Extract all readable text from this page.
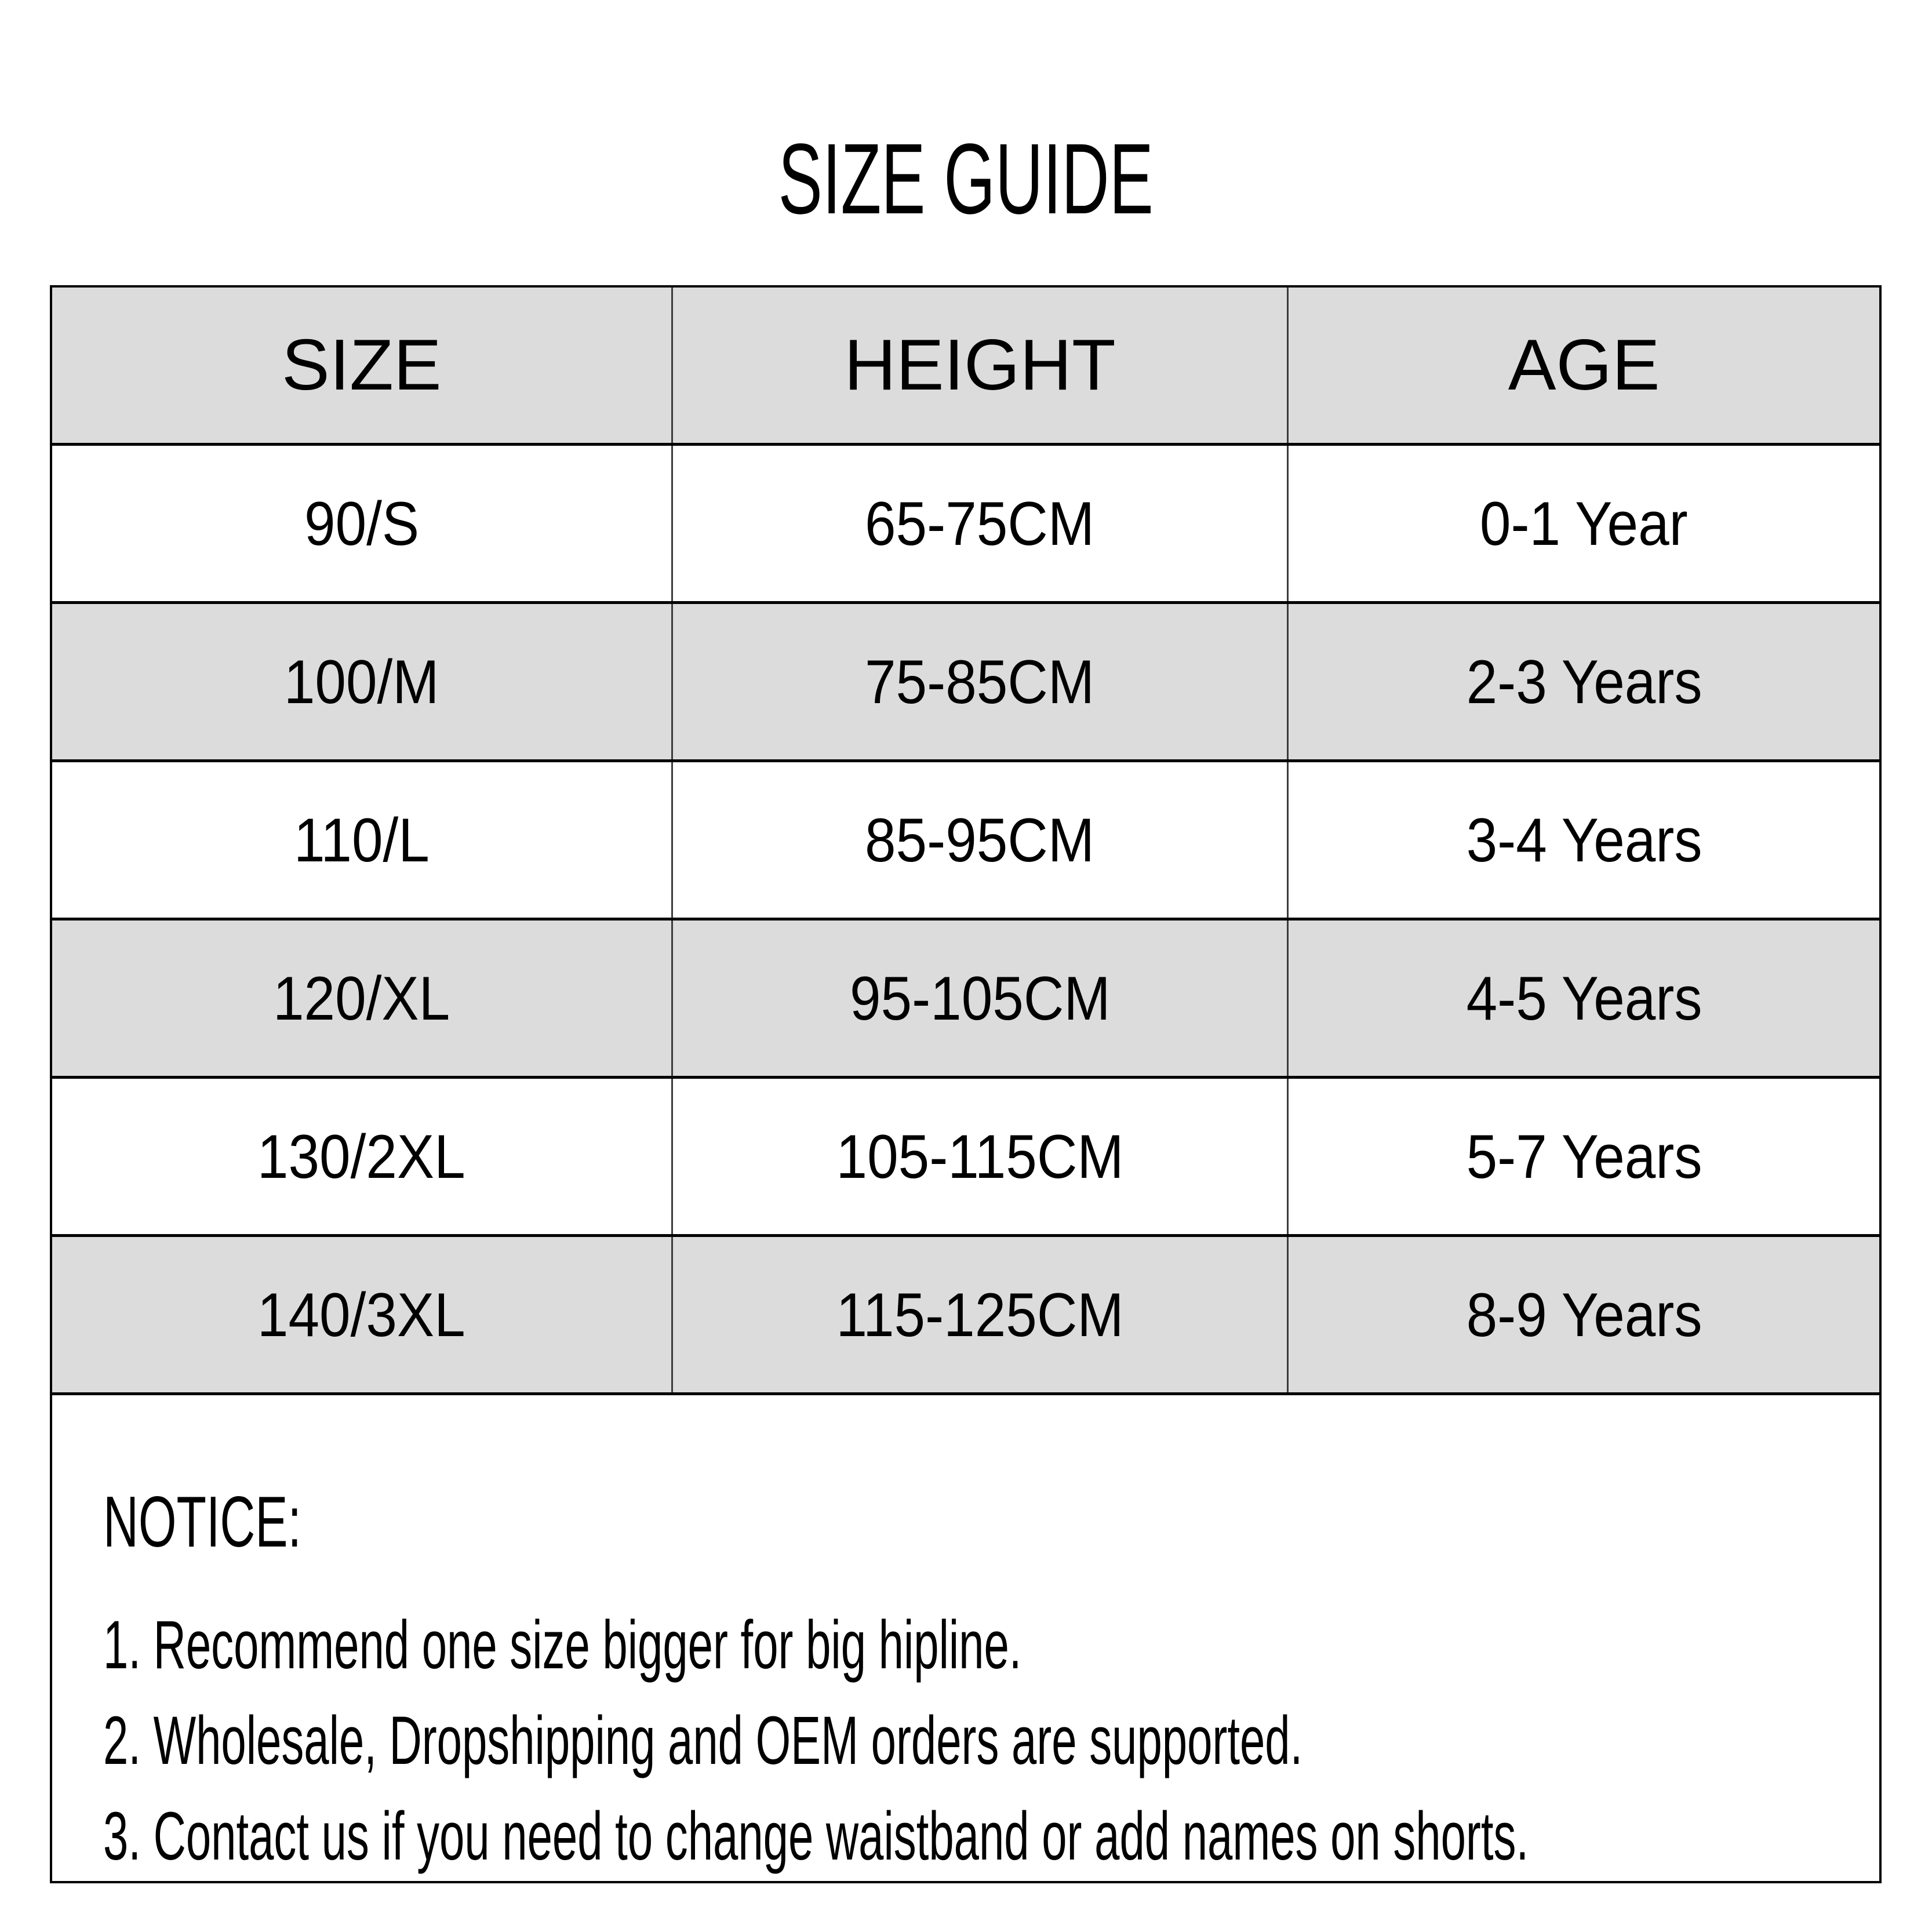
SIZE GUIDE
SIZE	HEIGHT	AGE
90/S	65-75CM	0-1 Year
100/M	75-85CM	2-3 Years
110/L	85-95CM	3-4 Years
120/XL	95-105CM	4-5 Years
130/2XL	105-115CM	5-7 Years
140/3XL	115-125CM	8-9 Years
NOTICE:
1. Recommend one size bigger for big hipline.
2. Wholesale, Dropshipping and OEM orders are supported.
3. Contact us if you need to change waistband or add names on shorts.
